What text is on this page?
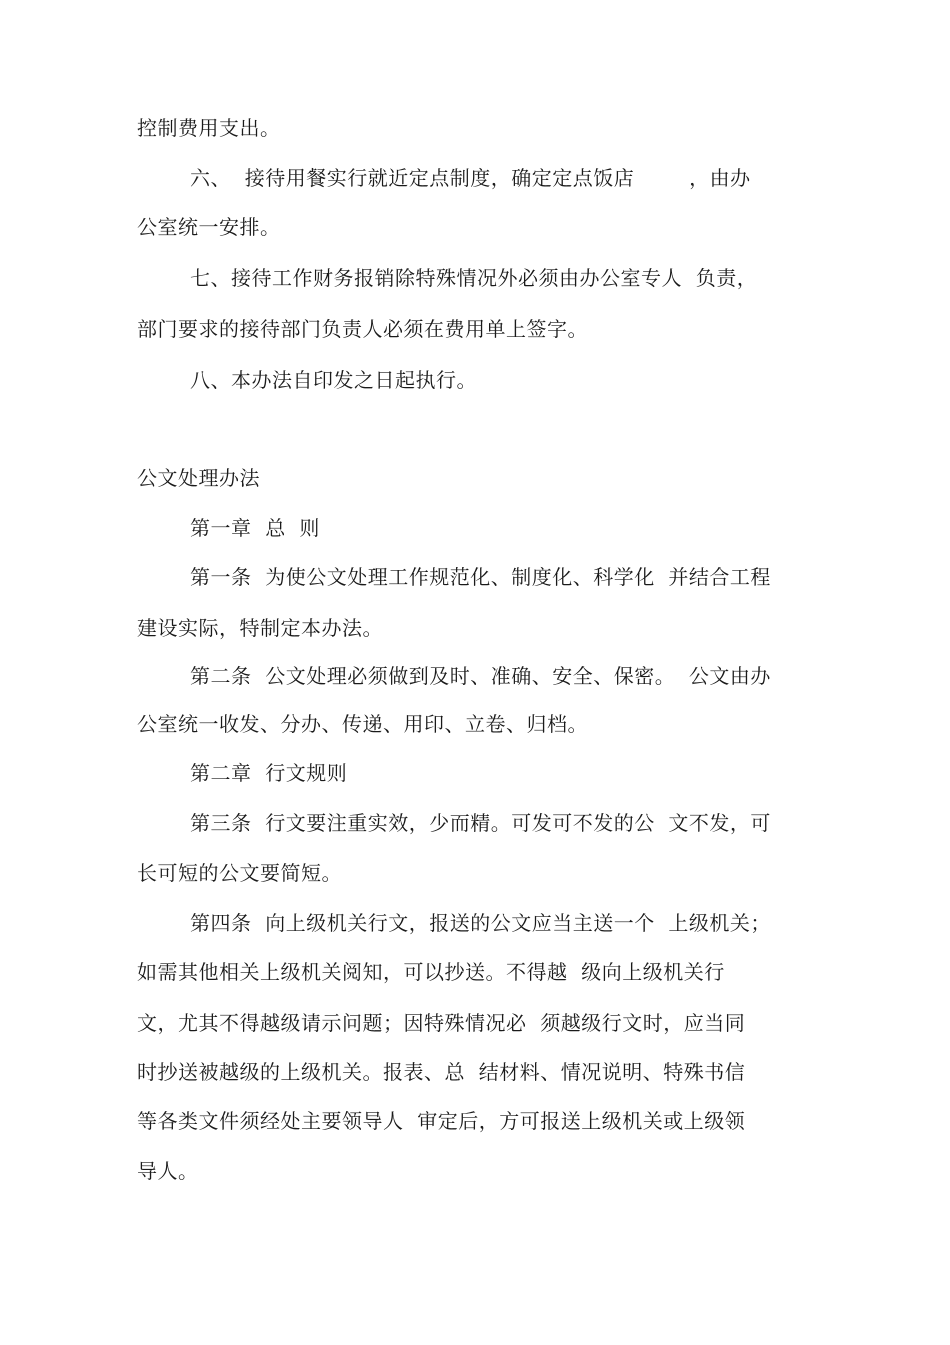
控制费用支出。
六、  接待用餐实行就近定点制度，确定定点饭店        ，由办
公室统一安排。
七、接待工作财务报销除特殊情况外必须由办公室专人  负责，
部门要求的接待部门负责人必须在费用单上签字。
八、本办法自印发之日起执行。
公文处理办法
第一章  总  则
第一条  为使公文处理工作规范化、制度化、科学化  并结合工程
建设实际，特制定本办法。
第二条  公文处理必须做到及时、准确、安全、保密。  公文由办
公室统一收发、分办、传递、用印、立卷、归档。
第二章  行文规则
第三条  行文要注重实效，少而精。可发可不发的公  文不发，可
长可短的公文要简短。
第四条  向上级机关行文，报送的公文应当主送一个  上级机关；
如需其他相关上级机关阅知，可以抄送。不得越  级向上级机关行
文，尤其不得越级请示问题；因特殊情况必  须越级行文时，应当同
时抄送被越级的上级机关。报表、总  结材料、情况说明、特殊书信
等各类文件须经处主要领导人  审定后，方可报送上级机关或上级领
导人。
